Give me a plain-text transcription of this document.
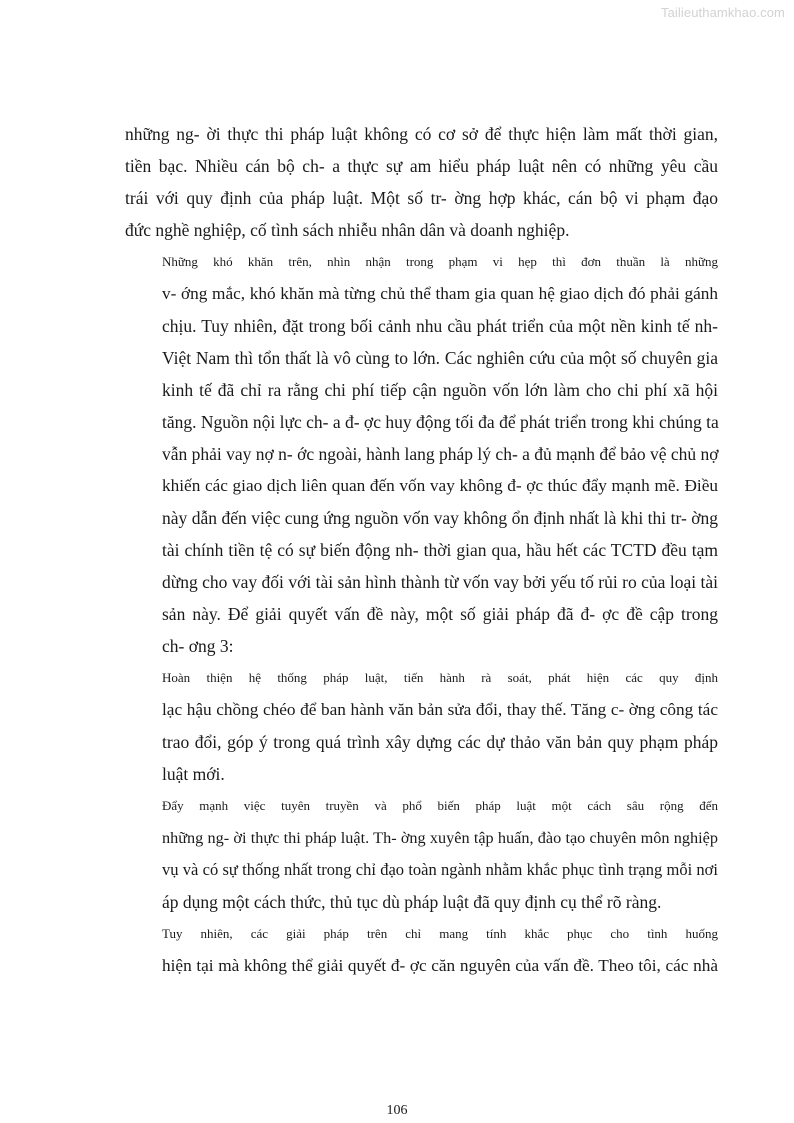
Tailieuthamkhao.com

những ng- ời thực thi pháp luật không có cơ sở để thực hiện làm mất thời gian,
tiền bạc. Nhiều cán bộ ch- a thực sự am hiểu pháp luật nên có những yêu cầu
trái với quy định của pháp luật. Một số tr- ờng hợp khác, cán bộ vi phạm đạo
đức nghề nghiệp, cố tình sách nhiễu nhân dân và doanh nghiệp.

Những khó khăn trên, nhìn nhận trong phạm vi hẹp thì đơn thuần là những
v- ớng mắc, khó khăn mà từng chủ thể tham gia quan hệ giao dịch đó phải gánh
chịu. Tuy nhiên, đặt trong bối cảnh nhu cầu phát triển của một nền kinh tế nh-
Việt Nam thì tổn thất là vô cùng to lớn. Các nghiên cứu của một số chuyên gia
kinh tế đã chỉ ra rằng chi phí tiếp cận nguồn vốn lớn làm cho chi phí xã hội
tăng. Nguồn nội lực ch- a đ- ợc huy động tối đa để phát triển trong khi chúng ta
vẫn phải vay nợ n- ớc ngoài, hành lang pháp lý ch- a đủ mạnh để bảo vệ chủ nợ
khiến các giao dịch liên quan đến vốn vay không đ- ợc thúc đẩy mạnh mẽ. Điều
này dẫn đến việc cung ứng nguồn vốn vay không ổn định nhất là khi thi tr- ờng
tài chính tiền tệ có sự biến động nh- thời gian qua, hầu hết các TCTD đều tạm
dừng cho vay đối với tài sản hình thành từ vốn vay bởi yếu tố rủi ro của loại tài
sản này. Để giải quyết vấn đề này, một số giải pháp đã đ- ợc đề cập trong
ch- ơng 3:

Hoàn thiện hệ thống pháp luật, tiến hành rà soát, phát hiện các quy định
lạc hậu chồng chéo để ban hành văn bản sửa đổi, thay thế. Tăng c- ờng công tác
trao đổi, góp ý trong quá trình xây dựng các dự thảo văn bản quy phạm pháp
luật mới.

Đẩy mạnh việc tuyên truyền và phổ biến pháp luật một cách sâu rộng đến
những ng- ời thực thi pháp luật. Th- ờng xuyên tập huấn, đào tạo chuyên môn nghiệp
vụ và có sự thống nhất trong chỉ đạo toàn ngành nhằm khắc phục tình trạng mỗi nơi
áp dụng một cách thức, thủ tục dù pháp luật đã quy định cụ thể rõ ràng.

Tuy nhiên, các giải pháp trên chỉ mang tính khắc phục cho tình huống
hiện tại mà không thể giải quyết đ- ợc căn nguyên của vấn đề. Theo tôi, các nhà

106
